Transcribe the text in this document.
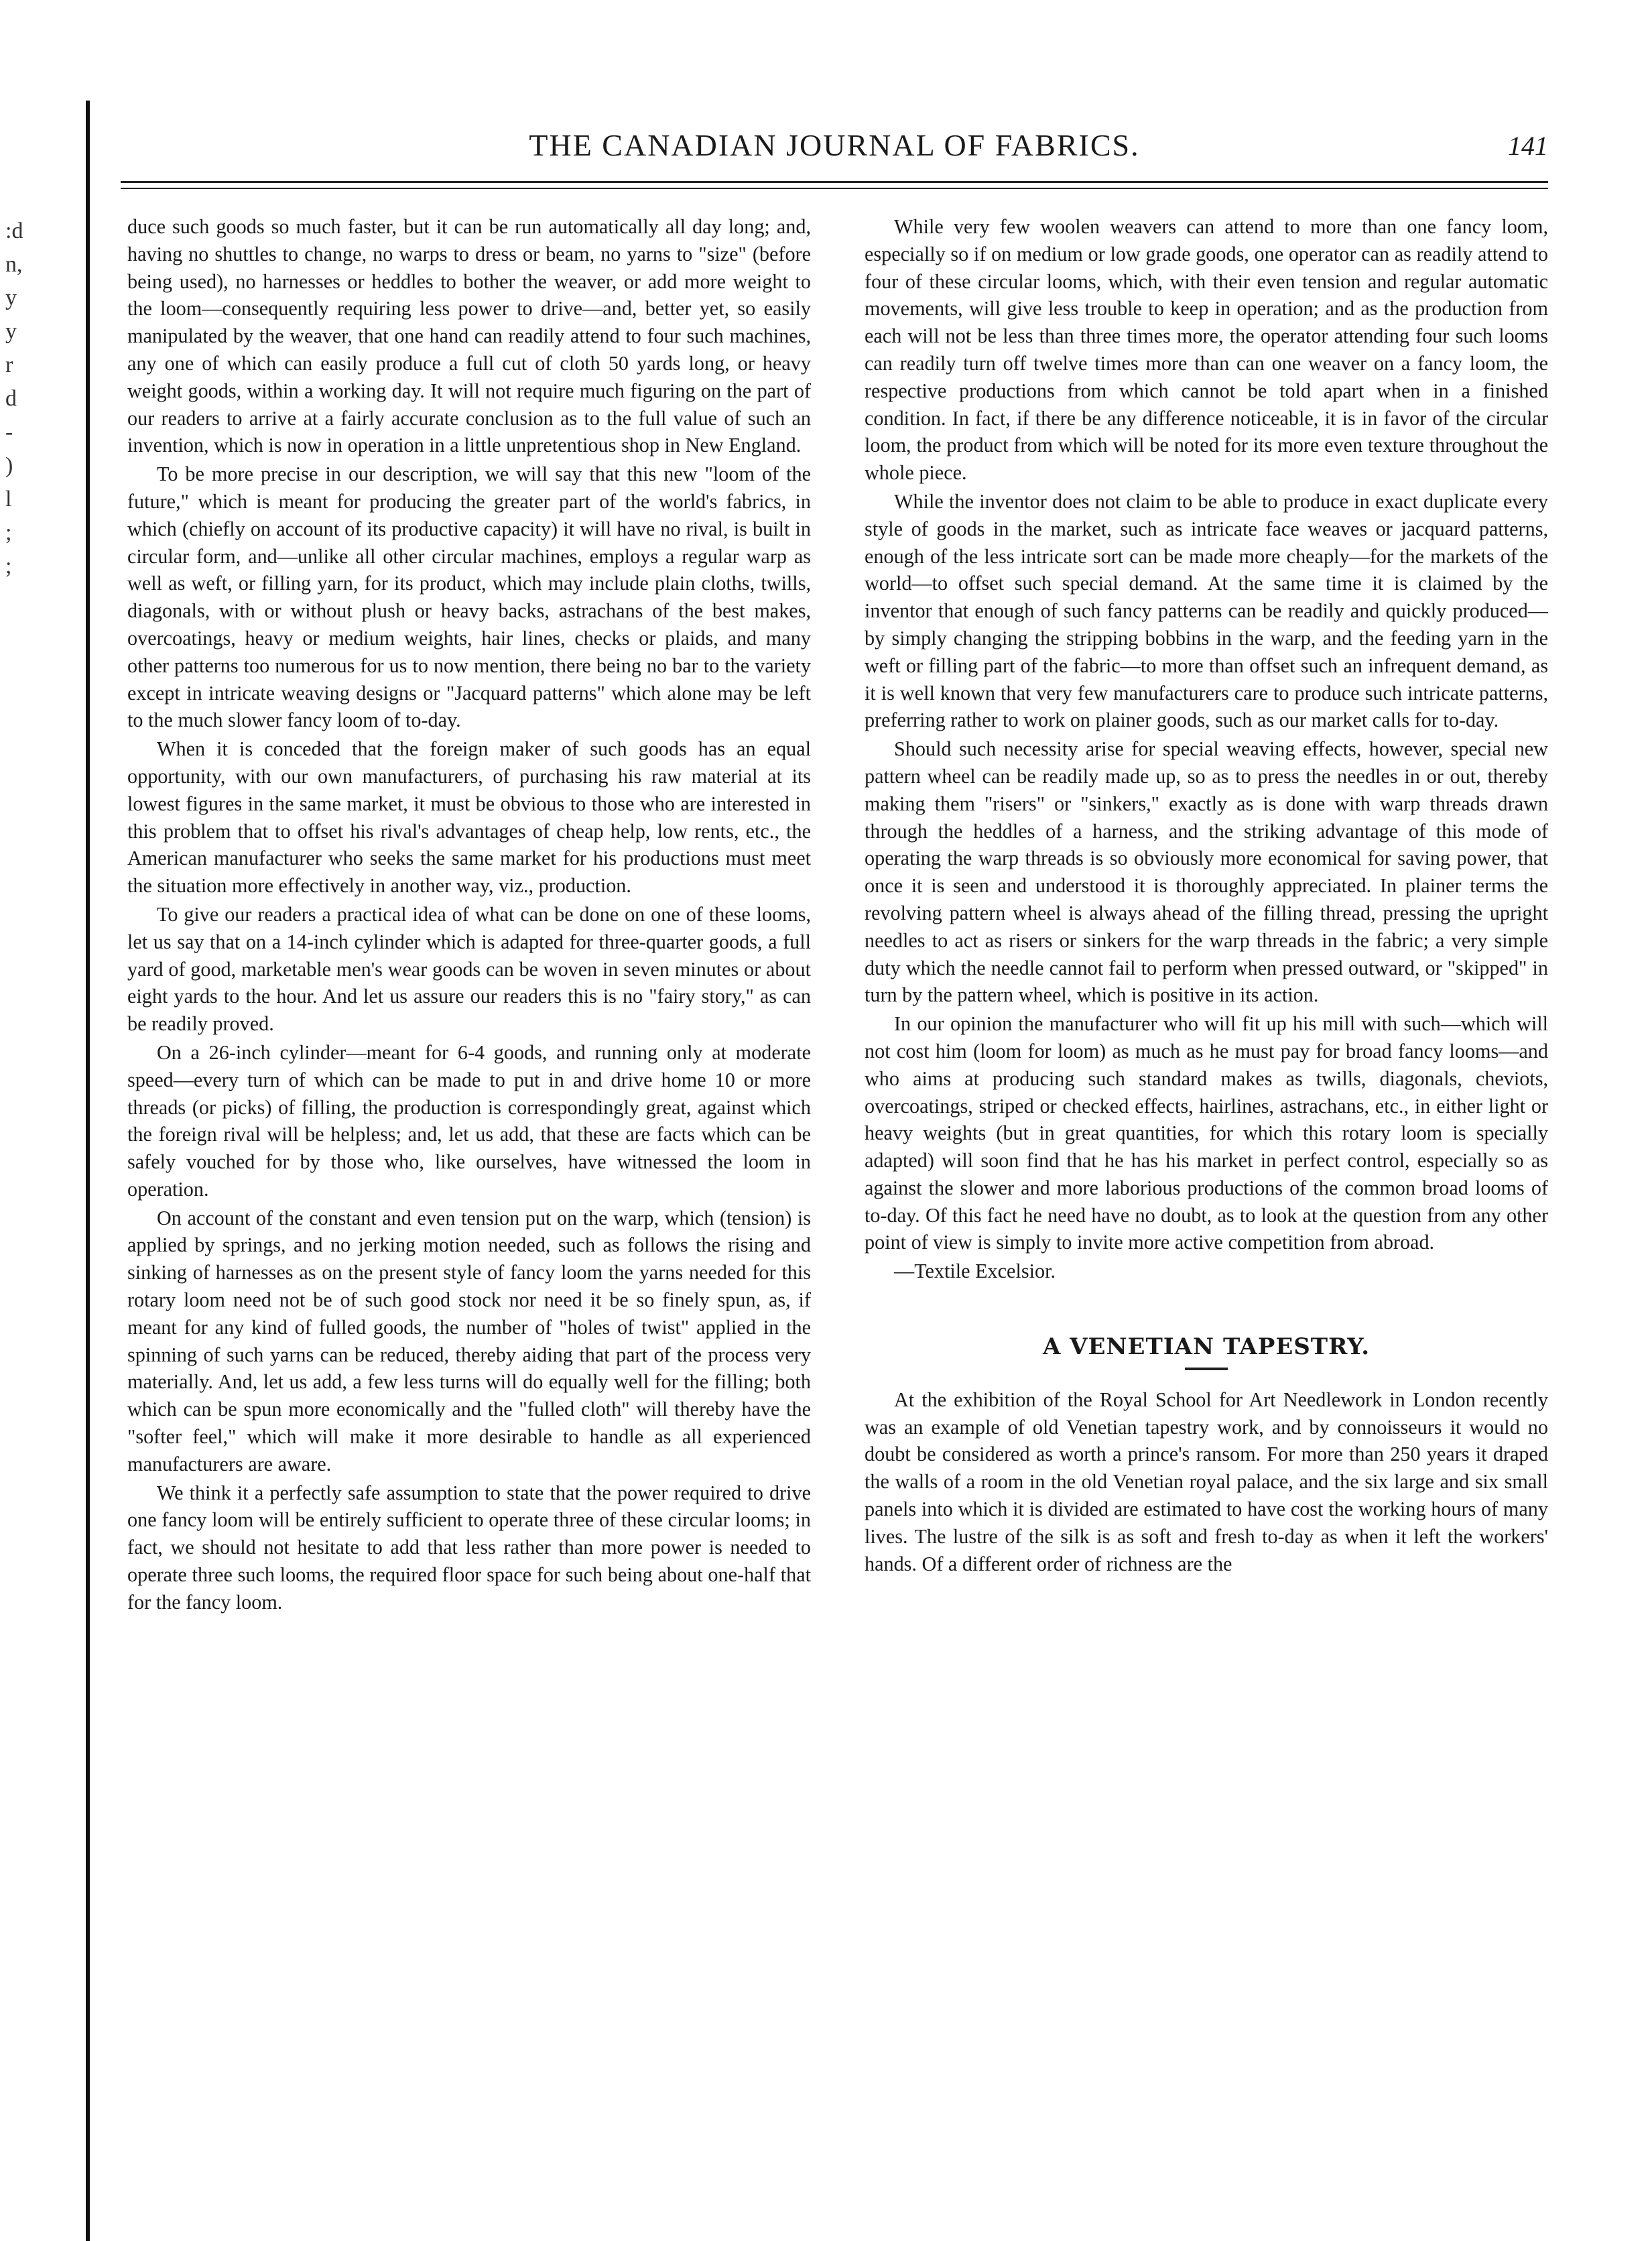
:d
n,
y
y
r
d
-
)
l
;
;
THE CANADIAN JOURNAL OF FABRICS.	141

duce such goods so much faster, but it can be run automatically all day long; and, having no shuttles to change, no warps to dress or beam, no yarns to "size" (before being used), no harnesses or heddles to bother the weaver, or add more weight to the loom—consequently requiring less power to drive—and, better yet, so easily manipulated by the weaver, that one hand can readily attend to four such machines, any one of which can easily produce a full cut of cloth 50 yards long, or heavy weight goods, within a working day. It will not require much figuring on the part of our readers to arrive at a fairly accurate conclusion as to the full value of such an invention, which is now in operation in a little unpretentious shop in New England.

To be more precise in our description, we will say that this new "loom of the future," which is meant for producing the greater part of the world's fabrics, in which (chiefly on account of its productive capacity) it will have no rival, is built in circular form, and—unlike all other circular machines, employs a regular warp as well as weft, or filling yarn, for its product, which may include plain cloths, twills, diagonals, with or without plush or heavy backs, astrachans of the best makes, overcoatings, heavy or medium weights, hair lines, checks or plaids, and many other patterns too numerous for us to now mention, there being no bar to the variety except in intricate weaving designs or "Jacquard patterns" which alone may be left to the much slower fancy loom of to-day.

When it is conceded that the foreign maker of such goods has an equal opportunity, with our own manufacturers, of purchasing his raw material at its lowest figures in the same market, it must be obvious to those who are interested in this problem that to offset his rival's advantages of cheap help, low rents, etc., the American manufacturer who seeks the same market for his productions must meet the situation more effectively in another way, viz., production.

To give our readers a practical idea of what can be done on one of these looms, let us say that on a 14-inch cylinder which is adapted for three-quarter goods, a full yard of good, marketable men's wear goods can be woven in seven minutes or about eight yards to the hour. And let us assure our readers this is no "fairy story," as can be readily proved.

On a 26-inch cylinder—meant for 6-4 goods, and running only at moderate speed—every turn of which can be made to put in and drive home 10 or more threads (or picks) of filling, the production is correspondingly great, against which the foreign rival will be helpless; and, let us add, that these are facts which can be safely vouched for by those who, like ourselves, have witnessed the loom in operation.

On account of the constant and even tension put on the warp, which (tension) is applied by springs, and no jerking motion needed, such as follows the rising and sinking of harnesses as on the present style of fancy loom the yarns needed for this rotary loom need not be of such good stock nor need it be so finely spun, as, if meant for any kind of fulled goods, the number of "holes of twist" applied in the spinning of such yarns can be reduced, thereby aiding that part of the process very materially. And, let us add, a few less turns will do equally well for the filling; both which can be spun more economically and the "fulled cloth" will thereby have the "softer feel," which will make it more desirable to handle as all experienced manufacturers are aware.

We think it a perfectly safe assumption to state that the power required to drive one fancy loom will be entirely sufficient to operate three of these circular looms; in fact, we should not hesitate to add that less rather than more power is needed to operate three such looms, the required floor space for such being about one-half that for the fancy loom.

While very few woolen weavers can attend to more than one fancy loom, especially so if on medium or low grade goods, one operator can as readily attend to four of these circular looms, which, with their even tension and regular automatic movements, will give less trouble to keep in operation; and as the production from each will not be less than three times more, the operator attending four such looms can readily turn off twelve times more than can one weaver on a fancy loom, the respective productions from which cannot be told apart when in a finished condition. In fact, if there be any difference noticeable, it is in favor of the circular loom, the product from which will be noted for its more even texture throughout the whole piece.

While the inventor does not claim to be able to produce in exact duplicate every style of goods in the market, such as intricate face weaves or jacquard patterns, enough of the less intricate sort can be made more cheaply—for the markets of the world—to offset such special demand. At the same time it is claimed by the inventor that enough of such fancy patterns can be readily and quickly produced—by simply changing the stripping bobbins in the warp, and the feeding yarn in the weft or filling part of the fabric—to more than offset such an infrequent demand, as it is well known that very few manufacturers care to produce such intricate patterns, preferring rather to work on plainer goods, such as our market calls for to-day.

Should such necessity arise for special weaving effects, however, special new pattern wheel can be readily made up, so as to press the needles in or out, thereby making them "risers" or "sinkers," exactly as is done with warp threads drawn through the heddles of a harness, and the striking advantage of this mode of operating the warp threads is so obviously more economical for saving power, that once it is seen and understood it is thoroughly appreciated. In plainer terms the revolving pattern wheel is always ahead of the filling thread, pressing the upright needles to act as risers or sinkers for the warp threads in the fabric; a very simple duty which the needle cannot fail to perform when pressed outward, or "skipped" in turn by the pattern wheel, which is positive in its action.

In our opinion the manufacturer who will fit up his mill with such—which will not cost him (loom for loom) as much as he must pay for broad fancy looms—and who aims at producing such standard makes as twills, diagonals, cheviots, overcoatings, striped or checked effects, hairlines, astrachans, etc., in either light or heavy weights (but in great quantities, for which this rotary loom is specially adapted) will soon find that he has his market in perfect control, especially so as against the slower and more laborious productions of the common broad looms of to-day. Of this fact he need have no doubt, as to look at the question from any other point of view is simply to invite more active competition from abroad.

—Textile Excelsior.

A VENETIAN TAPESTRY.

At the exhibition of the Royal School for Art Needlework in London recently was an example of old Venetian tapestry work, and by connoisseurs it would no doubt be considered as worth a prince's ransom. For more than 250 years it draped the walls of a room in the old Venetian royal palace, and the six large and six small panels into which it is divided are estimated to have cost the working hours of many lives. The lustre of the silk is as soft and fresh to-day as when it left the workers' hands. Of a different order of richness are the
